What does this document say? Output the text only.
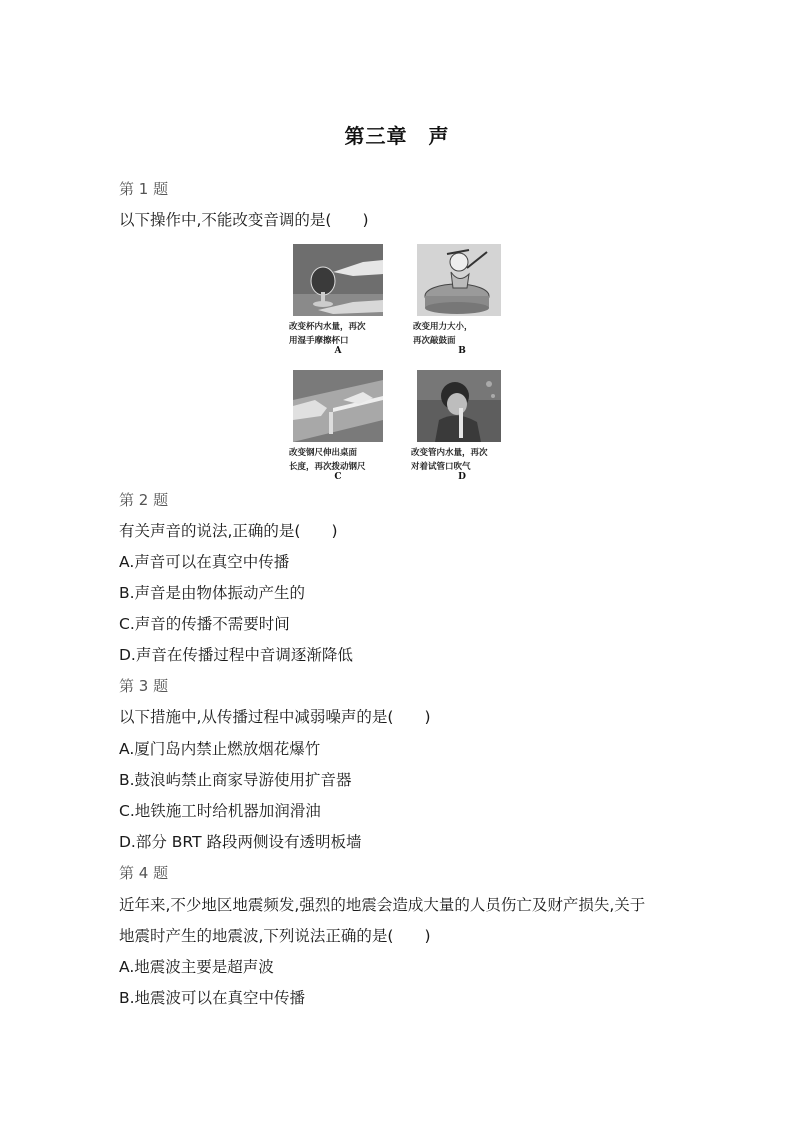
第三章　声
第 1 题
以下操作中,不能改变音调的是(　　)
改变杯内水量，再次
用湿手摩擦杯口
A
改变用力大小，
再次敲鼓面
B
改变钢尺伸出桌面
长度，再次拨动钢尺
C
改变管内水量，再次
对着试管口吹气
D
第 2 题
有关声音的说法,正确的是(　　)
A.声音可以在真空中传播
B.声音是由物体振动产生的
C.声音的传播不需要时间
D.声音在传播过程中音调逐渐降低
第 3 题
以下措施中,从传播过程中减弱噪声的是(　　)
A.厦门岛内禁止燃放烟花爆竹
B.鼓浪屿禁止商家导游使用扩音器
C.地铁施工时给机器加润滑油
D.部分 BRT 路段两侧设有透明板墙
第 4 题
近年来,不少地区地震频发,强烈的地震会造成大量的人员伤亡及财产损失,关于
地震时产生的地震波,下列说法正确的是(　　)
A.地震波主要是超声波
B.地震波可以在真空中传播
